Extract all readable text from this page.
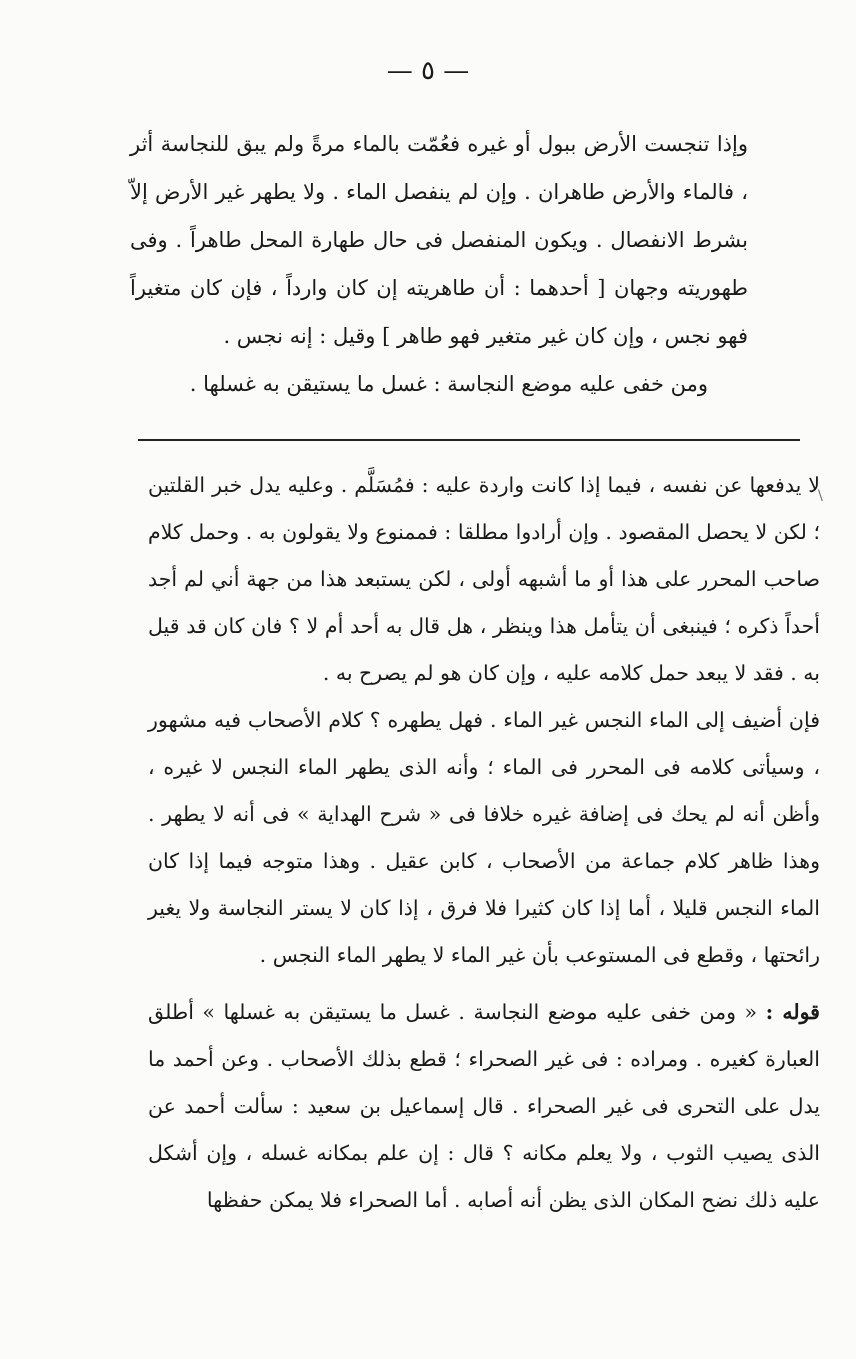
— ٥ —

وإذا تنجست الأرض ببول أو غيره فعُمّت بالماء مرةً ولم يبق للنجاسة أثر ، فالماء والأرض طاهران . وإن لم ينفصل الماء . ولا يطهر غير الأرض إلاّ بشرط الانفصال . ويكون المنفصل فى حال طهارة المحل طاهراً . وفى طهوريته وجهان [ أحدهما : أن طاهريته إن كان وارداً ، فإن كان متغيراً فهو نجس ، وإن كان غير متغير فهو طاهر ] وقيل : إنه نجس .

ومن خفى عليه موضع النجاسة : غسل ما يستيقن به غسلها .

\

لا يدفعها عن نفسه ، فيما إذا كانت واردة عليه : فمُسَلَّم . وعليه يدل خبر القلتين ؛ لكن لا يحصل المقصود . وإن أرادوا مطلقا : فممنوع ولا يقولون به . وحمل كلام صاحب المحرر على هذا أو ما أشبهه أولى ، لكن يستبعد هذا من جهة أني لم أجد أحداً ذكره ؛ فينبغى أن يتأمل هذا وينظر ، هل قال به أحد أم لا ؟ فان كان قد قيل به . فقد لا يبعد حمل كلامه عليه ، وإن كان هو لم يصرح به .

فإن أضيف إلى الماء النجس غير الماء . فهل يطهره ؟ كلام الأصحاب فيه مشهور ، وسيأتى كلامه فى المحرر فى الماء ؛ وأنه الذى يطهر الماء النجس لا غيره ، وأظن أنه لم يحك فى إضافة غيره خلافا فى « شرح الهداية » فى أنه لا يطهر . وهذا ظاهر كلام جماعة من الأصحاب ، كابن عقيل . وهذا متوجه فيما إذا كان الماء النجس قليلا ، أما إذا كان كثيرا فلا فرق ، إذا كان لا يستر النجاسة ولا يغير رائحتها ، وقطع فى المستوعب بأن غير الماء لا يطهر الماء النجس .

قوله : « ومن خفى عليه موضع النجاسة . غسل ما يستيقن به غسلها » أطلق العبارة كغيره . ومراده : فى غير الصحراء ؛ قطع بذلك الأصحاب . وعن أحمد ما يدل على التحرى فى غير الصحراء . قال إسماعيل بن سعيد : سألت أحمد عن الذى يصيب الثوب ، ولا يعلم مكانه ؟ قال : إن علم بمكانه غسله ، وإن أشكل عليه ذلك نضح المكان الذى يظن أنه أصابه . أما الصحراء فلا يمكن حفظها
